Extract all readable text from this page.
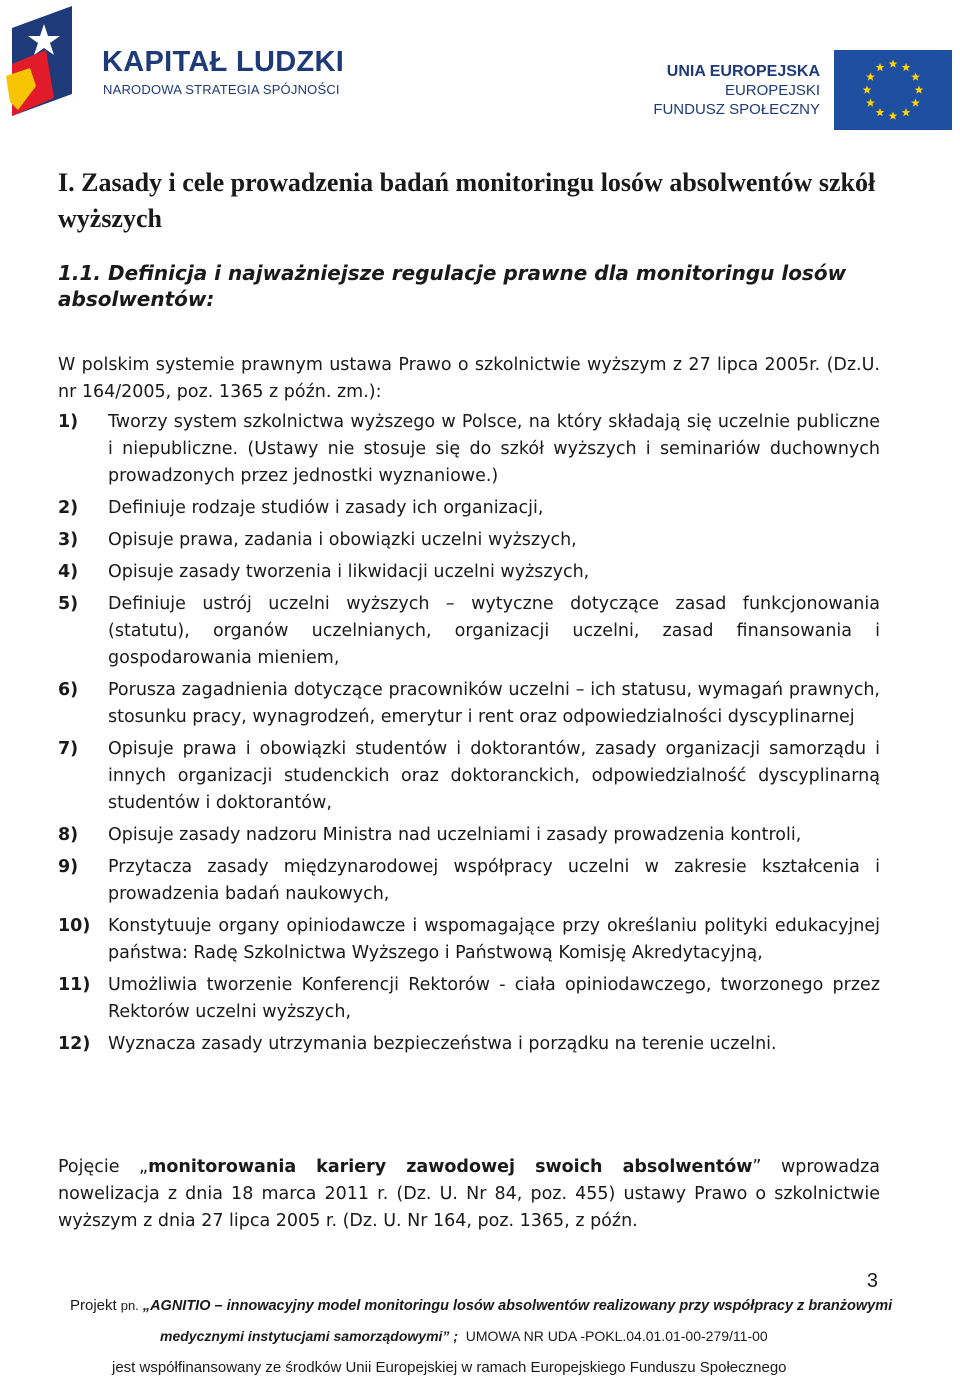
KAPITAŁ LUDZKI
NARODOWA STRATEGIA SPÓJNOŚCI
UNIA EUROPEJSKA
EUROPEJSKI
FUNDUSZ SPOŁECZNY
I. Zasady i cele prowadzenia badań monitoringu losów absolwentów szkół wyższych
1.1. Definicja i najważniejsze regulacje prawne dla monitoringu losów absolwentów:
W polskim systemie prawnym ustawa Prawo o szkolnictwie wyższym z 27 lipca 2005r. (Dz.U. nr 164/2005, poz. 1365 z późn. zm.):
1)	Tworzy system szkolnictwa wyższego w Polsce, na który składają się uczelnie publiczne i niepubliczne. (Ustawy nie stosuje się do szkół wyższych i seminariów duchownych prowadzonych przez jednostki wyznaniowe.)
2)	Definiuje rodzaje studiów i zasady ich organizacji,
3)	Opisuje prawa, zadania i obowiązki uczelni wyższych,
4)	Opisuje zasady tworzenia i likwidacji uczelni wyższych,
5)	Definiuje ustrój uczelni wyższych – wytyczne dotyczące zasad funkcjonowania (statutu), organów uczelnianych, organizacji uczelni, zasad finansowania i gospodarowania mieniem,
6)	Porusza zagadnienia dotyczące pracowników uczelni – ich statusu, wymagań prawnych, stosunku pracy, wynagrodzeń, emerytur i rent oraz odpowiedzialności dyscyplinarnej
7)	Opisuje prawa i obowiązki studentów i doktorantów, zasady organizacji samorządu i innych organizacji studenckich oraz doktoranckich, odpowiedzialność dyscyplinarną studentów i doktorantów,
8)	Opisuje zasady nadzoru Ministra nad uczelniami i zasady prowadzenia kontroli,
9)	Przytacza zasady międzynarodowej współpracy uczelni w zakresie kształcenia i prowadzenia badań naukowych,
10)	Konstytuuje organy opiniodawcze i wspomagające przy określaniu polityki edukacyjnej państwa: Radę Szkolnictwa Wyższego i Państwową Komisję Akredytacyjną,
11)	Umożliwia tworzenie Konferencji Rektorów - ciała opiniodawczego, tworzonego przez Rektorów uczelni wyższych,
12)	Wyznacza zasady utrzymania bezpieczeństwa i porządku na terenie uczelni.
Pojęcie „monitorowania kariery zawodowej swoich absolwentów” wprowadza nowelizacja z dnia 18 marca 2011 r. (Dz. U. Nr 84, poz. 455) ustawy Prawo o szkolnictwie wyższym z dnia 27 lipca 2005 r. (Dz. U. Nr 164, poz. 1365, z późn.
3
Projekt pn. „AGNITIO – innowacyjny model monitoringu losów absolwentów realizowany przy współpracy z branżowymi
medycznymi instytucjami samorządowymi” ; UMOWA NR UDA -POKL.04.01.01-00-279/11-00
jest współfinansowany ze środków Unii Europejskiej w ramach Europejskiego Funduszu Społecznego
